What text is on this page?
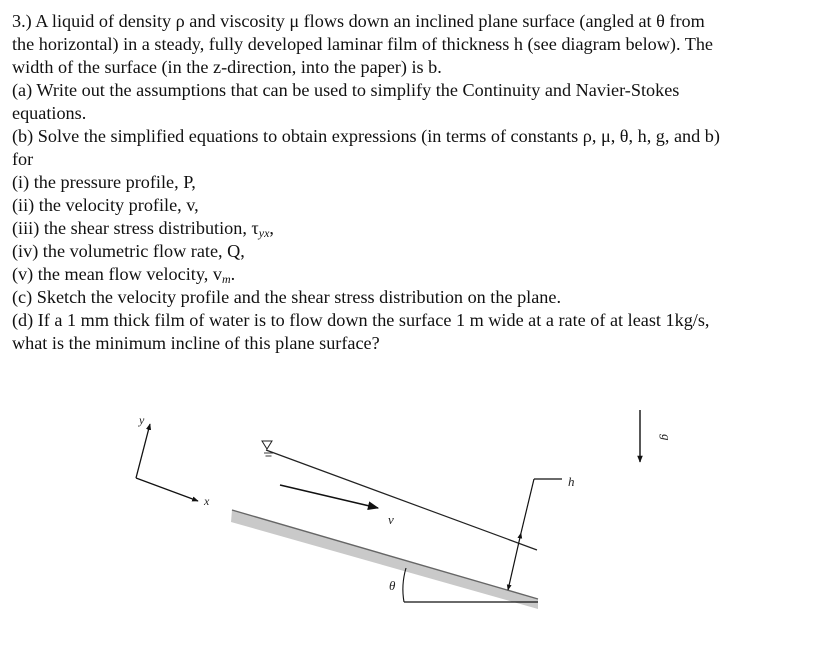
3.) A liquid of density ρ and viscosity μ flows down an inclined plane surface (angled at θ from

the horizontal) in a steady, fully developed laminar film of thickness h (see diagram below). The

width of the surface (in the z-direction, into the paper) is b.

(a) Write out the assumptions that can be used to simplify the Continuity and Navier-Stokes

equations.

(b) Solve the simplified equations to obtain expressions (in terms of constants ρ, μ, θ, h, g, and b)

for

(i) the pressure profile, P,

(ii) the velocity profile, v,

(iii) the shear stress distribution, $\tau_{yx}$,

(iv) the volumetric flow rate, Q,

(v) the mean flow velocity, $v_m$.

(c) Sketch the velocity profile and the shear stress distribution on the plane.

(d) If a 1 mm thick film of water is to flow down the surface 1 m wide at a rate of at least 1kg/s,

what is the minimum incline of this plane surface?

y
x
v
h
θ
g
